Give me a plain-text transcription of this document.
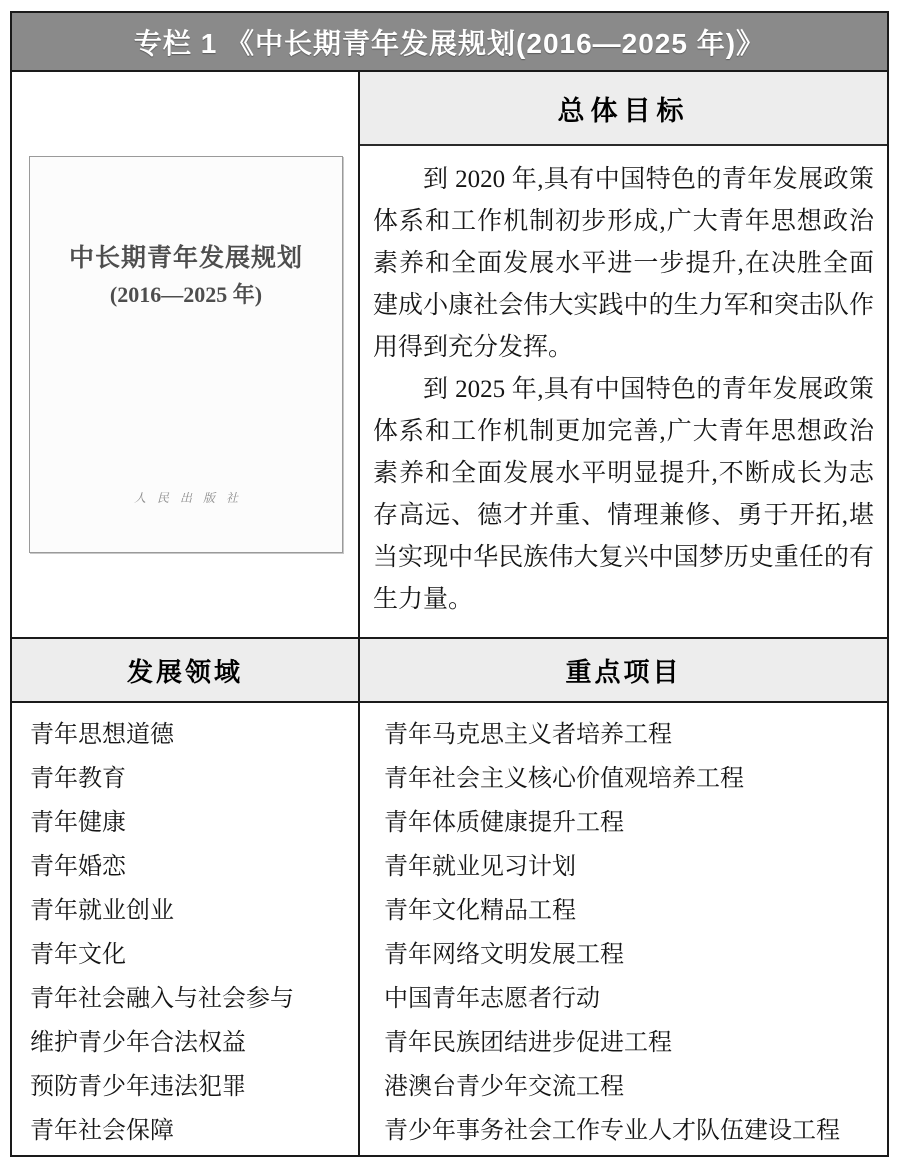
专栏 1 《中长期青年发展规划(2016—2025 年)》
中长期青年发展规划
(2016—2025 年)
人民出版社
总体目标

到 2020 年,具有中国特色的青年发展政策体系和工作机制初步形成,广大青年思想政治素养和全面发展水平进一步提升,在决胜全面建成小康社会伟大实践中的生力军和突击队作用得到充分发挥。

到 2025 年,具有中国特色的青年发展政策体系和工作机制更加完善,广大青年思想政治素养和全面发展水平明显提升,不断成长为志存高远、德才并重、情理兼修、勇于开拓,堪当实现中华民族伟大复兴中国梦历史重任的有生力量。

发展领域	重点项目
青年思想道德
青年教育
青年健康
青年婚恋
青年就业创业
青年文化
青年社会融入与社会参与
维护青少年合法权益
预防青少年违法犯罪
青年社会保障
青年马克思主义者培养工程
青年社会主义核心价值观培养工程
青年体质健康提升工程
青年就业见习计划
青年文化精品工程
青年网络文明发展工程
中国青年志愿者行动
青年民族团结进步促进工程
港澳台青少年交流工程
青少年事务社会工作专业人才队伍建设工程
